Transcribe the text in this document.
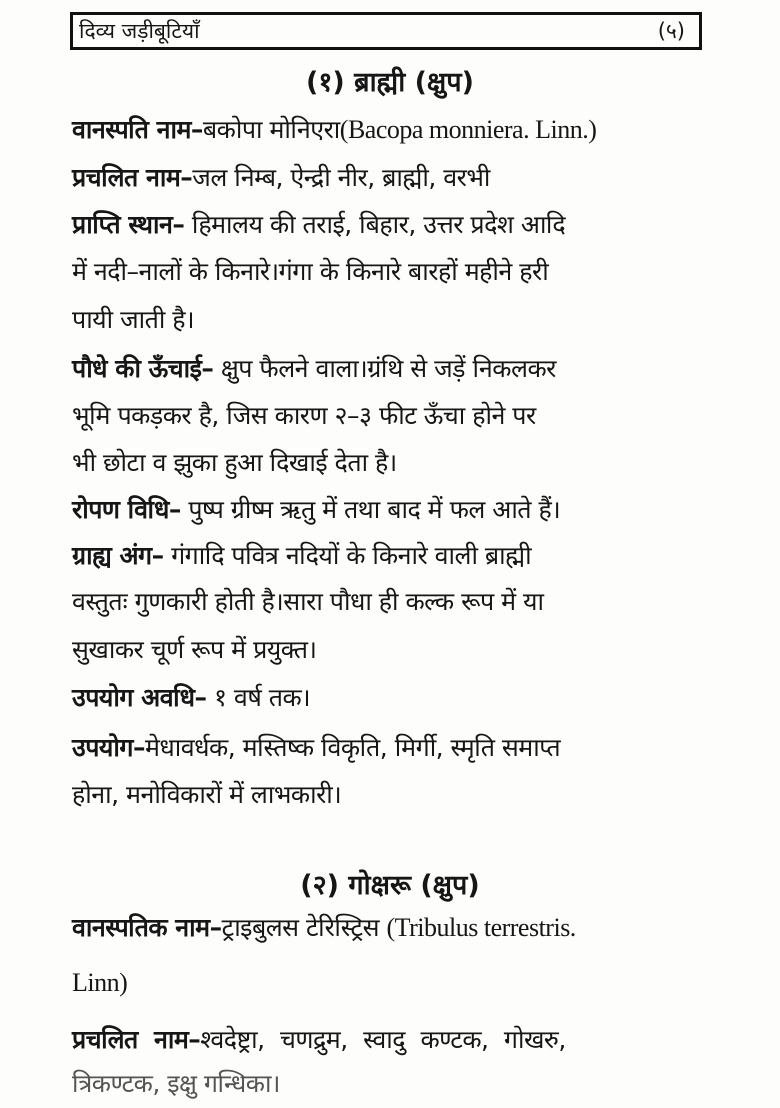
दिव्य जड़ीबूटियाँ	(५)
(१) ब्राह्मी (क्षुप)
वानस्पति नाम–बकोपा मोनिएरा(Bacopa monniera. Linn.)
प्रचलित नाम–जल निम्ब, ऐन्द्री नीर, ब्राह्मी, वरभी
प्राप्ति स्थान– हिमालय की तराई, बिहार, उत्तर प्रदेश आदि
में नदी–नालों के किनारे।गंगा के किनारे बारहों महीने हरी
पायी जाती है।
पौधे की ऊँचाई– क्षुप फैलने वाला।ग्रंथि से जड़ें निकलकर
भूमि पकड़कर है, जिस कारण २–३ फीट ऊँचा होने पर
भी छोटा व झुका हुआ दिखाई देता है।
रोपण विधि– पुष्प ग्रीष्म ऋतु में तथा बाद में फल आते हैं।
ग्राह्य अंग– गंगादि पवित्र नदियों के किनारे वाली ब्राह्मी
वस्तुतः गुणकारी होती है।सारा पौधा ही कल्क रूप में या
सुखाकर चूर्ण रूप में प्रयुक्त।
उपयोग अवधि– १ वर्ष तक।
उपयोग–मेधावर्धक, मस्तिष्क विकृति, मिर्गी, स्मृति समाप्त
होना, मनोविकारों में लाभकारी।
(२) गोक्षरू (क्षुप)
वानस्पतिक नाम–ट्राइबुलस टेरिस्ट्रिस (Tribulus terrestris.
Linn)
प्रचलित नाम–श्वदेष्ट्रा, चणद्रुम, स्वादु कण्टक, गोखरु,
त्रिकण्टक, इक्षु गन्धिका।
